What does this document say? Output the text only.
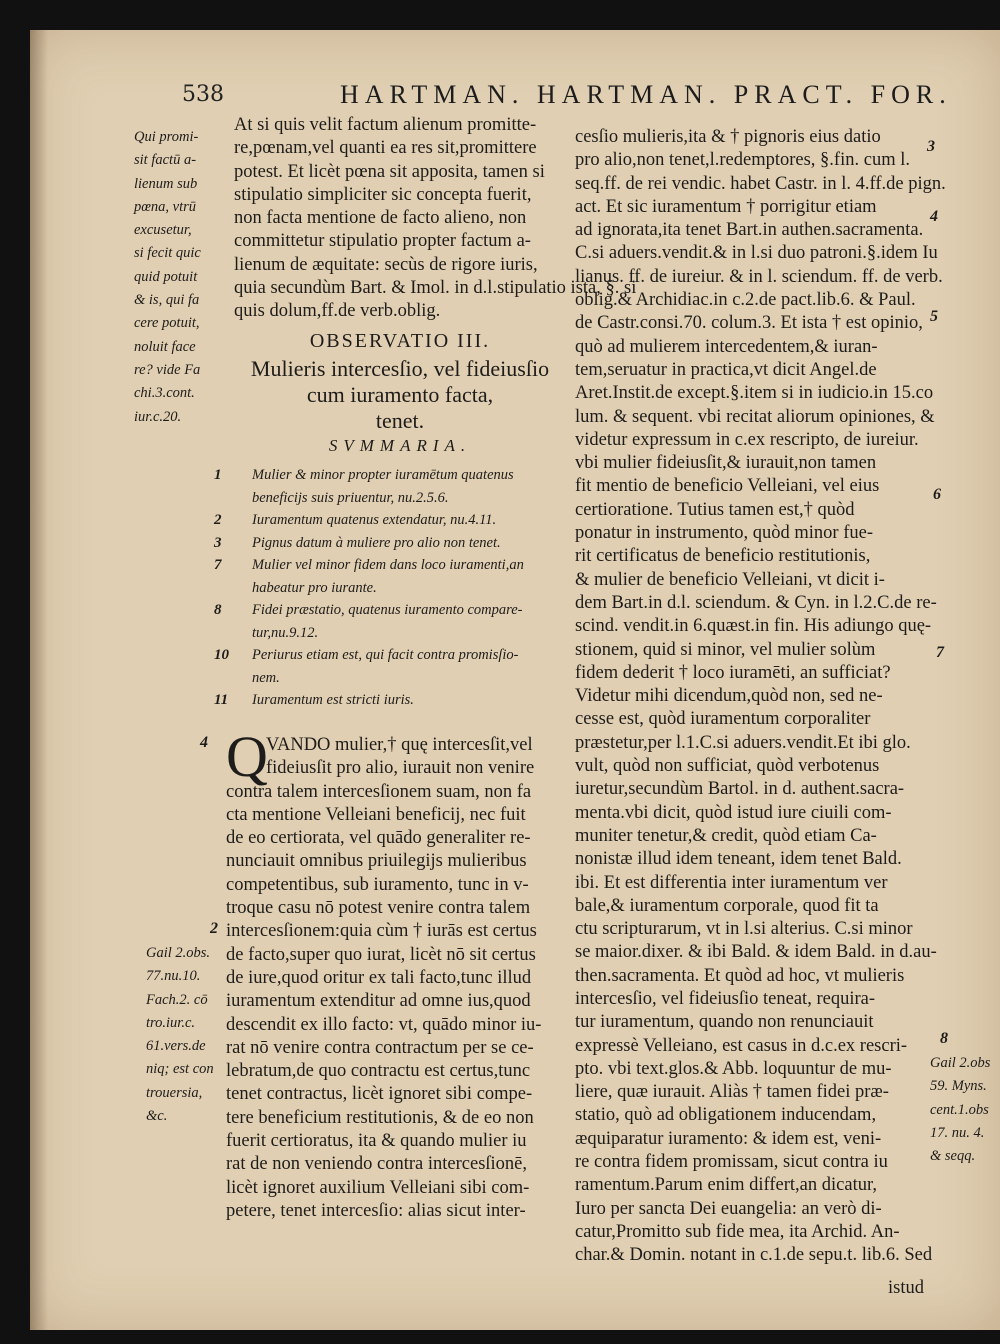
538	HARTMAN. HARTMAN. PRACT. FOR.
Qui promi-
sit factū a-
lienum sub
pœna, vtrū
excusetur,
si fecit quic
quid potuit
& is, qui fa
cere potuit,
noluit face
re? vide Fa
chi.3.cont.
iur.c.20.
At si quis velit factum alienum promitte-
re,pœnam,vel quanti ea res sit,promittere
potest. Et licèt pœna sit apposita, tamen si
stipulatio simpliciter sic concepta fuerit,
non facta mentione de facto alieno, non
committetur stipulatio propter factum a-
lienum de æquitate: secùs de rigore iuris,
quia secundùm Bart. & Imol. in d.l.stipulatio ista, §. si
quis dolum,ff.de verb.oblig.
OBSERVATIO III.
Mulieris intercesſio, vel fideiusſio
cum iuramento facta,
tenet.
SVMMARIA.
1	Mulier & minor propter iuramētum quatenus
beneficijs suis priuentur, nu.2.5.6.
2	Iuramentum quatenus extendatur, nu.4.11.
3	Pignus datum à muliere pro alio non tenet.
7	Mulier vel minor fidem dans loco iuramenti,an
habeatur pro iurante.
8	Fidei præstatio, quatenus iuramento compare-
tur,nu.9.12.
10	Periurus etiam est, qui facit contra promisſio-
nem.
11	Iuramentum est stricti iuris.
4 Q
VANDO mulier,† quę intercesſit,vel
fideiusſit pro alio, iurauit non venire
contra talem intercesſionem suam, non fa
cta mentione Velleiani beneficij, nec fuit
de eo certiorata, vel quādo generaliter re-
nunciauit omnibus priuilegijs mulieribus
competentibus, sub iuramento, tunc in v-
troque casu nō potest venire contra talem
intercesſionem:quia cùm † iurās est certus
de facto,super quo iurat, licèt nō sit certus
de iure,quod oritur ex tali facto,tunc illud
iuramentum extenditur ad omne ius,quod
descendit ex illo facto: vt, quādo minor iu-
rat nō venire contra contractum per se ce-
lebratum,de quo contractu est certus,tunc
tenet contractus, licèt ignoret sibi compe-
tere beneficium restitutionis, & de eo non
fuerit certioratus, ita & quando mulier iu
rat de non veniendo contra intercesſionē,
licèt ignoret auxilium Velleiani sibi com-
petere, tenet intercesſio: alias sicut inter-
2
Gail 2.obs.
77.nu.10.
Fach.2. cō
tro.iur.c.
61.vers.de
niq; est con
trouersia,
&c.
cesſio mulieris,ita & † pignoris eius datio
pro alio,non tenet,l.redemptores, §.fin. cum l.
seq.ff. de rei vendic. habet Castr. in l. 4.ff.de pign.
act. Et sic iuramentum † porrigitur etiam
ad ignorata,ita tenet Bart.in authen.sacramenta.
C.si aduers.vendit.& in l.si duo patroni.§.idem Iu
lianus. ff. de iureiur. & in l. sciendum. ff. de verb.
oblig.& Archidiac.in c.2.de pact.lib.6. & Paul.
de Castr.consi.70. colum.3. Et ista † est opinio,
quò ad mulierem intercedentem,& iuran-
tem,seruatur in practica,vt dicit Angel.de
Aret.Instit.de except.§.item si in iudicio.in 15.co
lum. & sequent. vbi recitat aliorum opiniones, &
videtur expressum in c.ex rescripto, de iureiur.
vbi mulier fideiusſit,& iurauit,non tamen
fit mentio de beneficio Velleiani, vel eius
certioratione. Tutius tamen est,† quòd
ponatur in instrumento, quòd minor fue-
rit certificatus de beneficio restitutionis,
& mulier de beneficio Velleiani, vt dicit i-
dem Bart.in d.l. sciendum. & Cyn. in l.2.C.de re-
scind. vendit.in 6.quæst.in fin. His adiungo quę-
stionem, quid si minor, vel mulier solùm
fidem dederit † loco iuramēti, an sufficiat?
Videtur mihi dicendum,quòd non, sed ne-
cesse est, quòd iuramentum corporaliter
præstetur,per l.1.C.si aduers.vendit.Et ibi glo.
vult, quòd non sufficiat, quòd verbotenus
iuretur,secundùm Bartol. in d. authent.sacra-
menta.vbi dicit, quòd istud iure ciuili com-
muniter tenetur,& credit, quòd etiam Ca-
nonistæ illud idem teneant, idem tenet Bald.
ibi. Et est differentia inter iuramentum ver
bale,& iuramentum corporale, quod fit ta
ctu scripturarum, vt in l.si alterius. C.si minor
se maior.dixer. & ibi Bald. & idem Bald. in d.au-
then.sacramenta. Et quòd ad hoc, vt mulieris
intercesſio, vel fideiusſio teneat, requira-
tur iuramentum, quando non renunciauit
expressè Velleiano, est casus in d.c.ex rescri-
pto. vbi text.glos.& Abb. loquuntur de mu-
liere, quæ iurauit. Aliàs † tamen fidei præ-
statio, quò ad obligationem inducendam,
æquiparatur iuramento: & idem est, veni-
re contra fidem promissam, sicut contra iu
ramentum.Parum enim differt,an dicatur,
Iuro per sancta Dei euangelia: an verò di-
catur,Promitto sub fide mea, ita Archid. An-
char.& Domin. notant in c.1.de sepu.t. lib.6. Sed
istud
3
4
5
6
7
8
Gail 2.obs
59. Myns.
cent.1.obs
17. nu. 4.
& seqq.
